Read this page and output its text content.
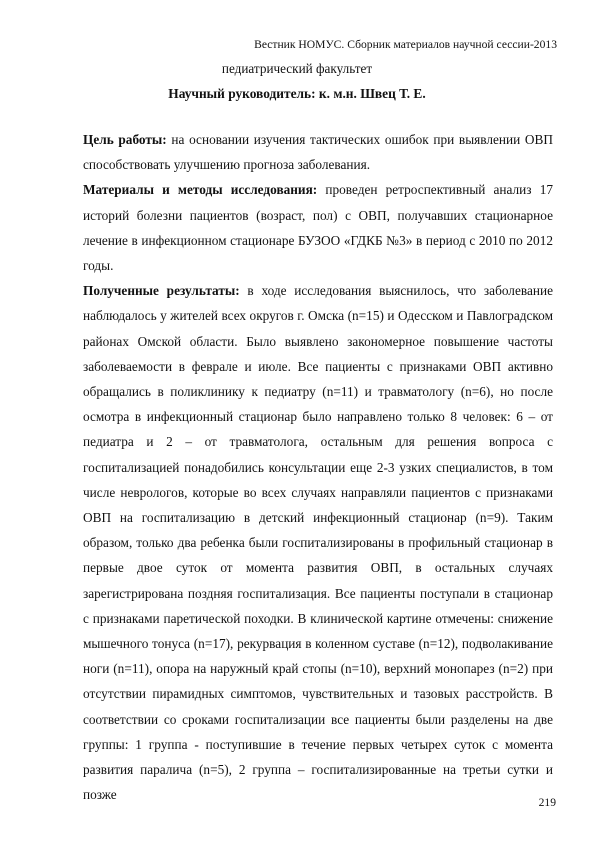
Вестник НОМУС. Сборник материалов научной сессии-2013
педиатрический факультет
Научный руководитель: к. м.н. Швец Т. Е.

Цель работы: на основании изучения тактических ошибок при выявлении ОВП способствовать улучшению прогноза заболевания.

Материалы и методы исследования: проведен ретроспективный анализ 17 историй болезни пациентов (возраст, пол) с ОВП, получавших стационарное лечение в инфекционном стационаре БУЗОО «ГДКБ №3» в период с 2010 по 2012 годы.

Полученные результаты: в ходе исследования выяснилось, что заболевание наблюдалось у жителей всех округов г. Омска (n=15) и Одесском и Павлоградском районах Омской области. Было выявлено закономерное повышение частоты заболеваемости в феврале и июле. Все пациенты с признаками ОВП активно обращались в поликлинику к педиатру (n=11) и травматологу (n=6), но после осмотра в инфекционный стационар было направлено только 8 человек: 6 – от педиатра и 2 – от травматолога, остальным для решения вопроса с госпитализацией понадобились консультации еще 2-3 узких специалистов, в том числе неврологов, которые во всех случаях направляли пациентов с признаками ОВП на госпитализацию в детский инфекционный стационар (n=9). Таким образом, только два ребенка были госпитализированы в профильный стационар в первые двое суток от момента развития ОВП, в остальных случаях зарегистрирована поздняя госпитализация. Все пациенты поступали в стационар с признаками паретической походки. В клинической картине отмечены: снижение мышечного тонуса (n=17), рекурвация в коленном суставе (n=12), подволакивание ноги (n=11), опора на наружный край стопы (n=10), верхний монопарез (n=2) при отсутствии пирамидных симптомов, чувствительных и тазовых расстройств. В соответствии со сроками госпитализации все пациенты были разделены на две группы: 1 группа - поступившие в течение первых четырех суток с момента развития паралича (n=5), 2 группа – госпитализированные на третьи сутки и позже

219
